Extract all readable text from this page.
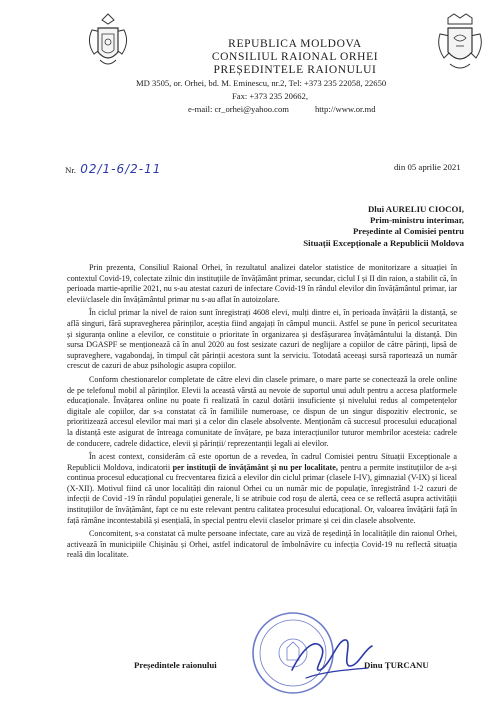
REPUBLICA MOLDOVA
CONSILIUL RAIONAL ORHEI
PREȘEDINTELE RAIONULUI
MD 3505, or. Orhei, bd. M. Eminescu, nr.2, Tel: +373 235 22058, 22650
Fax: +373 235 20662,
e-mail: cr_orhei@yahoo.com	http://www.or.md
Nr. 02/1-6/2-11	din 05 aprilie 2021
Dlui AURELIU CIOCOI,
Prim-ministru interimar,
Președinte al Comisiei pentru
Situații Excepționale a Republicii Moldova

Prin prezenta, Consiliul Raional Orhei, în rezultatul analizei datelor statistice de monitorizare a situației în contextul Covid-19, colectate zilnic din instituțiile de învățământ primar, secundar, ciclul I și II din raion, a stabilit că, în perioada martie-aprilie 2021, nu s-au atestat cazuri de infectare Covid-19 în rândul elevilor din învățământul primar, iar elevii/clasele din învățământul primar nu s-au aflat în autoizolare.

În ciclul primar la nivel de raion sunt înregistrați 4608 elevi, mulți dintre ei, în perioada învățării la distanță, se află singuri, fără supravegherea părinților, aceștia fiind angajați în câmpul muncii. Astfel se pune în pericol securitatea și siguranța online a elevilor, ce constituie o prioritate în organizarea și desfășurarea învățământului la distanță. Din sursa DGASPF se menționează că în anul 2020 au fost sesizate cazuri de neglijare a copiilor de către părinți, lipsă de supraveghere, vagabondaj, în timpul cât părinții acestora sunt la serviciu. Totodată aceeași sursă raportează un număr crescut de cazuri de abuz psihologic asupra copiilor.

Conform chestionarelor completate de către elevi din clasele primare, o mare parte se conectează la orele online de pe telefonul mobil al părinților. Elevii la această vârstă au nevoie de suportul unui adult pentru a accesa platformele educaționale. Învățarea online nu poate fi realizată în cazul dotării insuficiente și nivelului redus al competențelor digitale ale copiilor, dar s-a constatat că în familiile numeroase, ce dispun de un singur dispozitiv electronic, se prioritizează accesul elevilor mai mari și a celor din clasele absolvente. Menționăm că succesul procesului educațional la distanță este asigurat de întreaga comunitate de învățare, pe baza interacțiunilor tuturor membrilor acesteia: cadrele de conducere, cadrele didactice, elevii și părinții/ reprezentanții legali ai elevilor.

În acest context, considerăm că este oportun de a revedea, în cadrul Comisiei pentru Situații Excepționale a Republicii Moldova, indicatorii per instituții de învățământ și nu per localitate, pentru a permite instituțiilor de a-și continua procesul educațional cu frecventarea fizică a elevilor din ciclul primar (clasele I-IV), gimnazial (V-IX) și liceal (X-XII). Motivul fiind că unor localități din raionul Orhei cu un număr mic de populație, înregistrând 1-2 cazuri de infecții de Covid -19 în rândul populației generale, li se atribuie cod roșu de alertă, ceea ce se reflectă asupra activității instituțiilor de învățământ, fapt ce nu este relevant pentru calitatea procesului educațional. Or, valoarea învățării față în față rămâne incontestabilă și esențială, în special pentru elevii claselor primare și cei din clasele absolvente.

Concomitent, s-a constatat că multe persoane infectate, care au viză de reședință în localitățile din raionul Orhei, activează în municipiile Chișinău și Orhei, astfel indicatorul de îmbolnăvire cu infecția Covid-19 nu reflectă situația reală din localitate.

Președintele raionului	Dinu ȚURCANU
